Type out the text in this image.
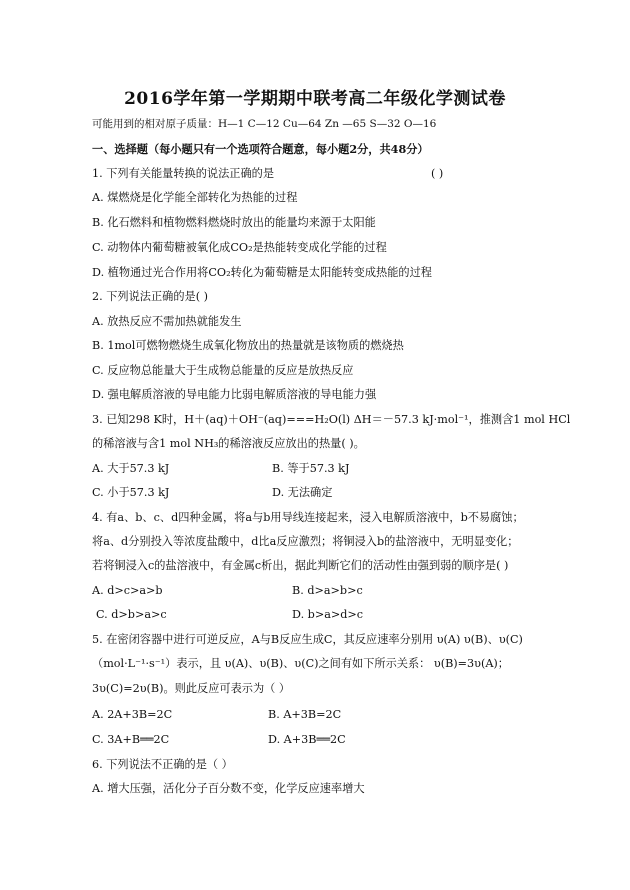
2016学年第一学期期中联考高二年级化学测试卷
可能用到的相对原子质量：H—1 C—12 Cu—64 Zn —65 S—32 O—16
一、选择题（每小题只有一个选项符合题意，每小题2分，共48分）
1. 下列有关能量转换的说法正确的是	( )
A. 煤燃烧是化学能全部转化为热能的过程
B. 化石燃料和植物燃料燃烧时放出的能量均来源于太阳能
C. 动物体内葡萄糖被氧化成CO₂是热能转变成化学能的过程
D. 植物通过光合作用将CO₂转化为葡萄糖是太阳能转变成热能的过程
2. 下列说法正确的是( )
A. 放热反应不需加热就能发生
B. 1mol可燃物燃烧生成氧化物放出的热量就是该物质的燃烧热
C. 反应物总能量大于生成物总能量的反应是放热反应
D. 强电解质溶液的导电能力比弱电解质溶液的导电能力强
3. 已知298 K时，H＋(aq)＋OH⁻(aq)===H₂O(l) ΔH＝－57.3 kJ·mol⁻¹，推测含1 mol HCl
的稀溶液与含1 mol NH₃的稀溶液反应放出的热量( )。
A. 大于57.3 kJ	B. 等于57.3 kJ
C. 小于57.3 kJ	D. 无法确定
4. 有a、b、c、d四种金属，将a与b用导线连接起来，浸入电解质溶液中，b不易腐蚀；
将a、d分别投入等浓度盐酸中，d比a反应激烈；将铜浸入b的盐溶液中，无明显变化；
若将铜浸入c的盐溶液中，有金属c析出，据此判断它们的活动性由强到弱的顺序是( )
A. d>c>a>b	B. d>a>b>c
C. d>b>a>c	D. b>a>d>c
5. 在密闭容器中进行可逆反应，A与B反应生成C，其反应速率分别用 υ(A) υ(B)、υ(C)
（mol·L⁻¹·s⁻¹）表示，且 υ(A)、υ(B)、υ(C)之间有如下所示关系： υ(B)=3υ(A)；
3υ(C)=2υ(B)。则此反应可表示为（ ）
A. 2A+3B=2C	B. A+3B=2C
C. 3A+B══2C	D. A+3B══2C
6. 下列说法不正确的是（ ）
A. 增大压强，活化分子百分数不变，化学反应速率增大
